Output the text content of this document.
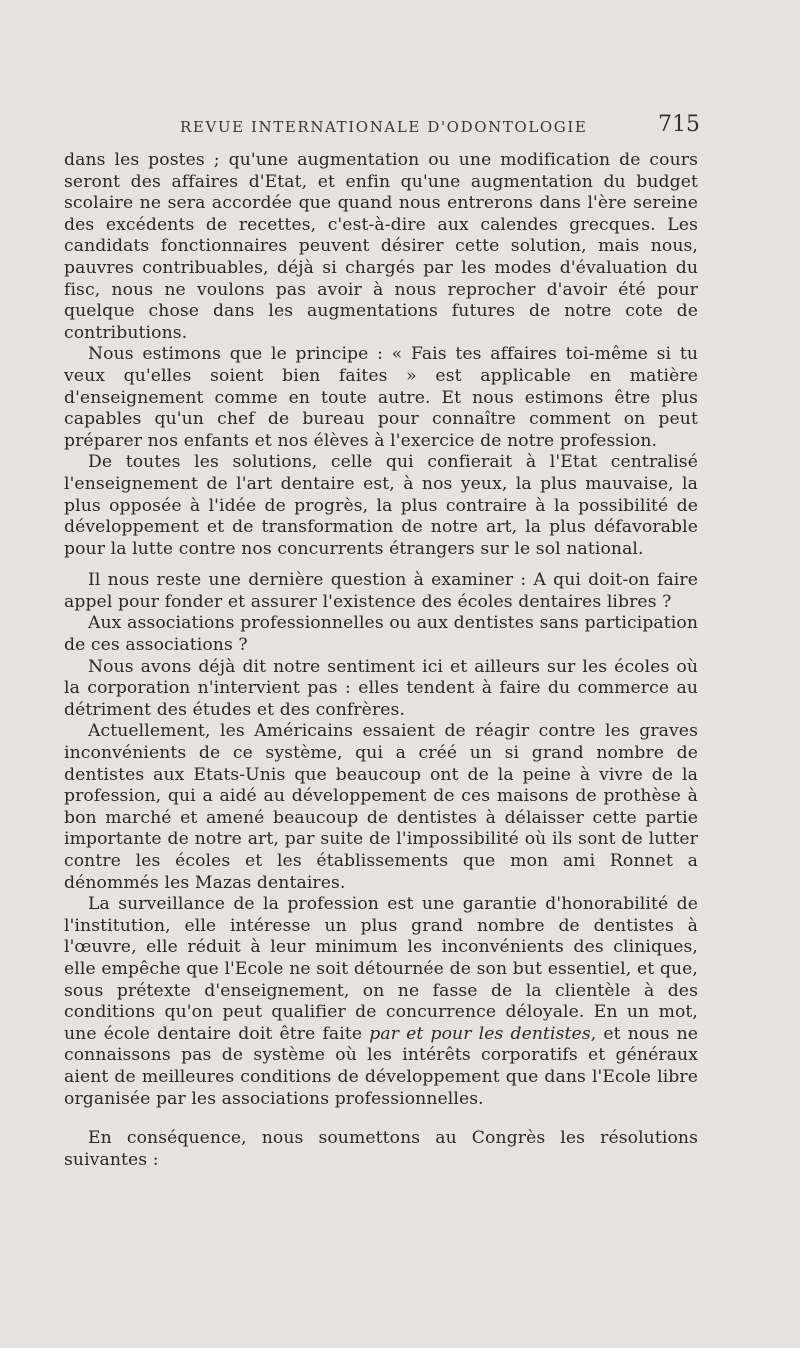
REVUE INTERNATIONALE D'ODONTOLOGIE	715

dans les postes ; qu'une augmentation ou une modification de cours seront des affaires d'Etat, et enfin qu'une augmentation du budget scolaire ne sera accordée que quand nous entrerons dans l'ère sereine des excédents de recettes, c'est-à-dire aux calendes grecques. Les candidats fonctionnaires peuvent désirer cette solution, mais nous, pauvres contribuables, déjà si chargés par les modes d'évaluation du fisc, nous ne voulons pas avoir à nous reprocher d'avoir été pour quelque chose dans les augmentations futures de notre cote de contributions.

Nous estimons que le principe : « Fais tes affaires toi-même si tu veux qu'elles soient bien faites » est applicable en matière d'enseignement comme en toute autre. Et nous estimons être plus capables qu'un chef de bureau pour connaître comment on peut préparer nos enfants et nos élèves à l'exercice de notre profession.

De toutes les solutions, celle qui confierait à l'Etat centralisé l'enseignement de l'art dentaire est, à nos yeux, la plus mauvaise, la plus opposée à l'idée de progrès, la plus contraire à la possibilité de développement et de transformation de notre art, la plus défavorable pour la lutte contre nos concurrents étrangers sur le sol national.

Il nous reste une dernière question à examiner : A qui doit-on faire appel pour fonder et assurer l'existence des écoles dentaires libres ?

Aux associations professionnelles ou aux dentistes sans participation de ces associations ?

Nous avons déjà dit notre sentiment ici et ailleurs sur les écoles où la corporation n'intervient pas : elles tendent à faire du commerce au détriment des études et des confrères.

Actuellement, les Américains essaient de réagir contre les graves inconvénients de ce système, qui a créé un si grand nombre de dentistes aux Etats-Unis que beaucoup ont de la peine à vivre de la profession, qui a aidé au développement de ces maisons de prothèse à bon marché et amené beaucoup de dentistes à délaisser cette partie importante de notre art, par suite de l'impossibilité où ils sont de lutter contre les écoles et les établissements que mon ami Ronnet a dénommés les Mazas dentaires.

La surveillance de la profession est une garantie d'honorabilité de l'institution, elle intéresse un plus grand nombre de dentistes à l'œuvre, elle réduit à leur minimum les inconvénients des cliniques, elle empêche que l'Ecole ne soit détournée de son but essentiel, et que, sous prétexte d'enseignement, on ne fasse de la clientèle à des conditions qu'on peut qualifier de concurrence déloyale. En un mot, une école dentaire doit être faite par et pour les dentistes, et nous ne connaissons pas de système où les intérêts corporatifs et généraux aient de meilleures conditions de développement que dans l'Ecole libre organisée par les associations professionnelles.

En conséquence, nous soumettons au Congrès les résolutions suivantes :
